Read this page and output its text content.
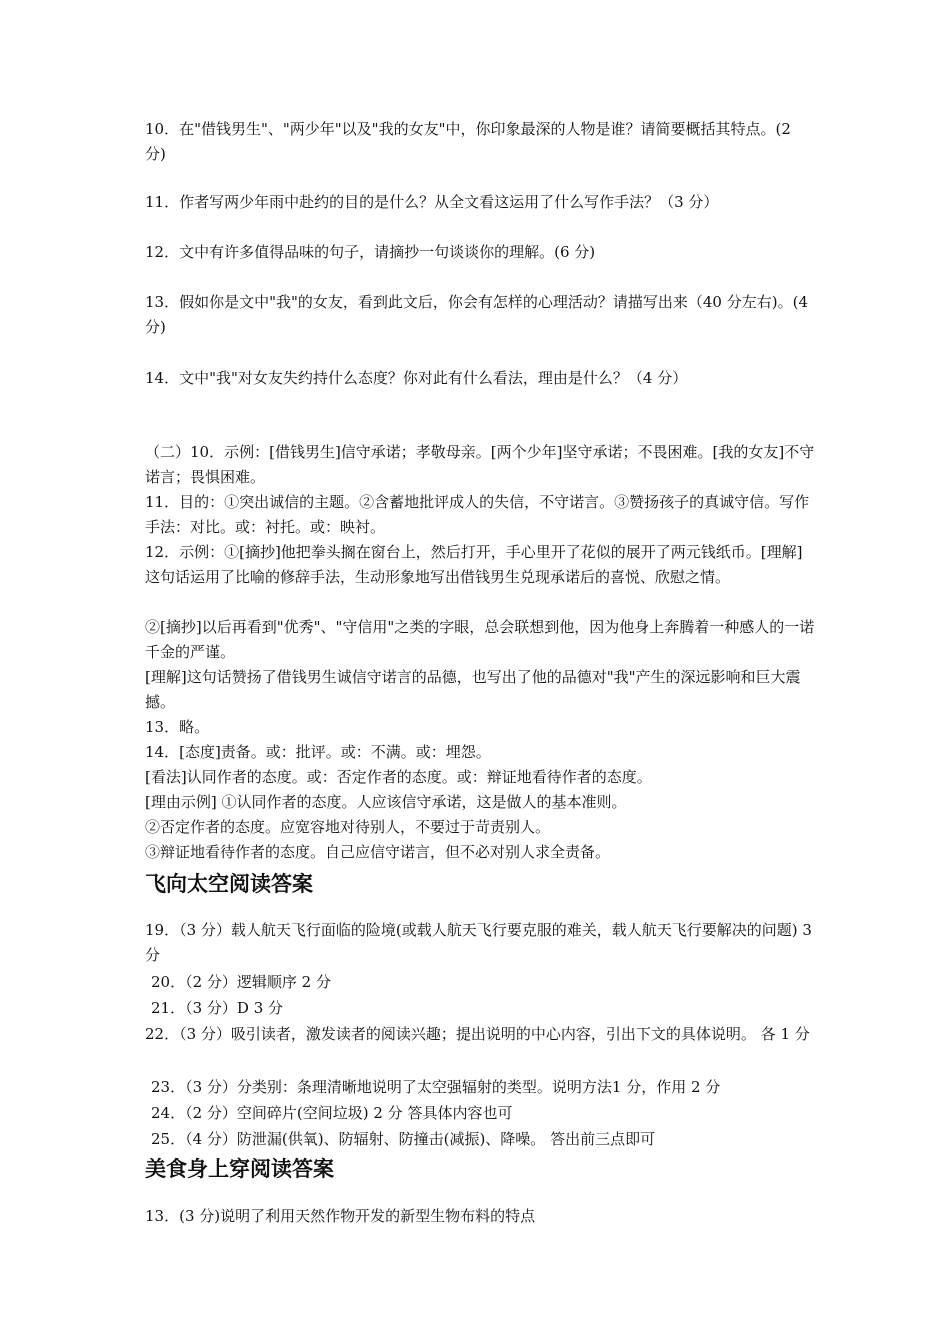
10．在"借钱男生"、"两少年"以及"我的女友"中，你印象最深的人物是谁？请简要概括其特点。(2 分)

11．作者写两少年雨中赴约的目的是什么？从全文看这运用了什么写作手法？（3 分）

12．文中有许多值得品味的句子，请摘抄一句谈谈你的理解。(6 分)

13．假如你是文中"我"的女友，看到此文后，你会有怎样的心理活动？请描写出来（40 分左右)。(4 分)

14．文中"我"对女友失约持什么态度？你对此有什么看法，理由是什么？（4 分）

（二）10．示例：[借钱男生]信守承诺；孝敬母亲。[两个少年]坚守承诺；不畏困难。[我的女友]不守诺言；畏惧困难。

11．目的：①突出诚信的主题。②含蓄地批评成人的失信，不守诺言。③赞扬孩子的真诚守信。写作手法：对比。或：衬托。或：映衬。

12．示例：①[摘抄]他把拳头搁在窗台上，然后打开，手心里开了花似的展开了两元钱纸币。[理解]这句话运用了比喻的修辞手法，生动形象地写出借钱男生兑现承诺后的喜悦、欣慰之情。

②[摘抄]以后再看到"优秀"、"守信用"之类的字眼，总会联想到他，因为他身上奔腾着一种感人的一诺千金的严谨。

[理解]这句话赞扬了借钱男生诚信守诺言的品德，也写出了他的品德对"我"产生的深远影响和巨大震撼。

13．略。

14．[态度]责备。或：批评。或：不满。或：埋怨。

[看法]认同作者的态度。或：否定作者的态度。或：辩证地看待作者的态度。

[理由示例] ①认同作者的态度。人应该信守承诺，这是做人的基本准则。

②否定作者的态度。应宽容地对待别人，不要过于苛责别人。

③辩证地看待作者的态度。自己应信守诺言，但不必对别人求全责备。

飞向太空阅读答案

19．（3 分）载人航天飞行面临的险境(或载人航天飞行要克服的难关，载人航天飞行要解决的问题) 3 分

20．（2 分）逻辑顺序 2 分

21．（3 分）D 3 分

22．（3 分）吸引读者，激发读者的阅读兴趣；提出说明的中心内容，引出下文的具体说明。 各 1 分

23．（3 分）分类别：条理清晰地说明了太空强辐射的类型。说明方法1 分，作用 2 分

24．（2 分）空间碎片(空间垃圾) 2 分 答具体内容也可

25．（4 分）防泄漏(供氧)、防辐射、防撞击(减振)、降噪。 答出前三点即可

美食身上穿阅读答案

13．(3 分)说明了利用天然作物开发的新型生物布料的特点
